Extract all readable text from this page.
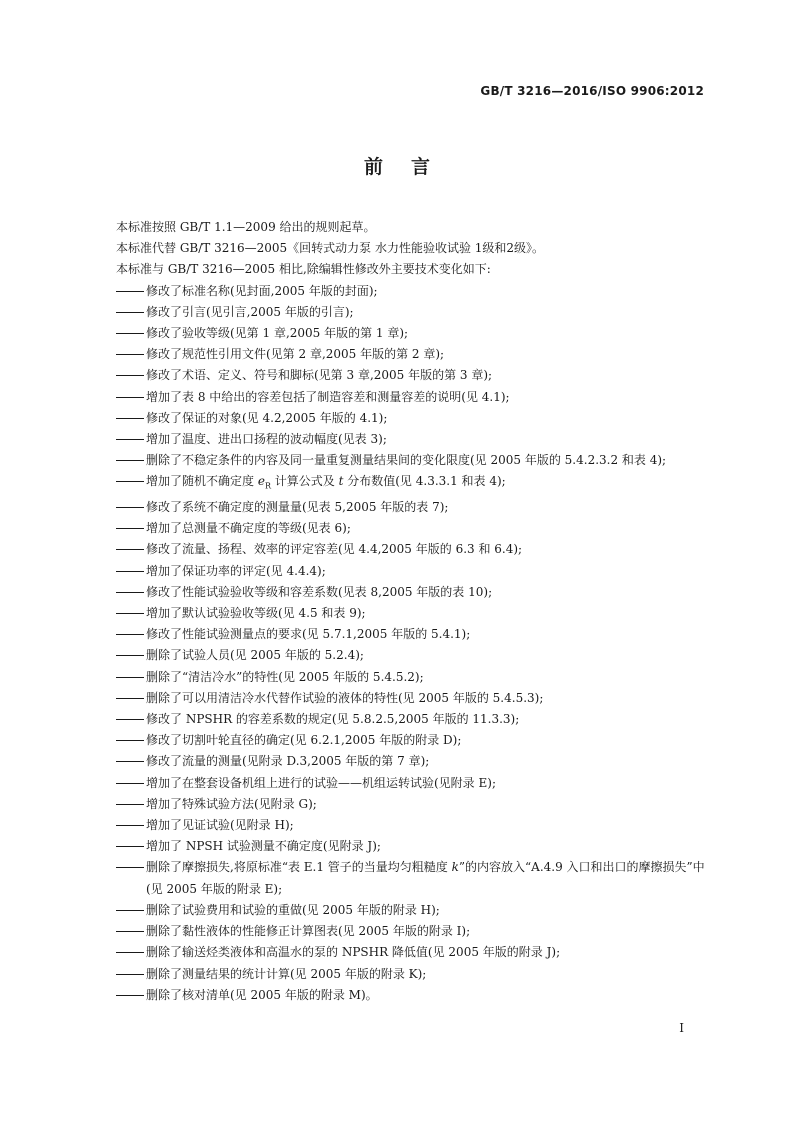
GB/T 3216—2016/ISO 9906:2012
前言
本标准按照 GB/T 1.1—2009 给出的规则起草。
本标准代替 GB/T 3216—2005《回转式动力泵 水力性能验收试验 1级和2级》。
本标准与 GB/T 3216—2005 相比,除编辑性修改外主要技术变化如下:
修改了标准名称(见封面,2005 年版的封面);
修改了引言(见引言,2005 年版的引言);
修改了验收等级(见第 1 章,2005 年版的第 1 章);
修改了规范性引用文件(见第 2 章,2005 年版的第 2 章);
修改了术语、定义、符号和脚标(见第 3 章,2005 年版的第 3 章);
增加了表 8 中给出的容差包括了制造容差和测量容差的说明(见 4.1);
修改了保证的对象(见 4.2,2005 年版的 4.1);
增加了温度、进出口扬程的波动幅度(见表 3);
删除了不稳定条件的内容及同一量重复测量结果间的变化限度(见 2005 年版的 5.4.2.3.2 和表 4);
增加了随机不确定度 $e_R$ 计算公式及 t 分布数值(见 4.3.3.1 和表 4);
修改了系统不确定度的测量量(见表 5,2005 年版的表 7);
增加了总测量不确定度的等级(见表 6);
修改了流量、扬程、效率的评定容差(见 4.4,2005 年版的 6.3 和 6.4);
增加了保证功率的评定(见 4.4.4);
修改了性能试验验收等级和容差系数(见表 8,2005 年版的表 10);
增加了默认试验验收等级(见 4.5 和表 9);
修改了性能试验测量点的要求(见 5.7.1,2005 年版的 5.4.1);
删除了试验人员(见 2005 年版的 5.2.4);
删除了“清洁冷水”的特性(见 2005 年版的 5.4.5.2);
删除了可以用清洁冷水代替作试验的液体的特性(见 2005 年版的 5.4.5.3);
修改了 NPSHR 的容差系数的规定(见 5.8.2.5,2005 年版的 11.3.3);
修改了切割叶轮直径的确定(见 6.2.1,2005 年版的附录 D);
修改了流量的测量(见附录 D.3,2005 年版的第 7 章);
增加了在整套设备机组上进行的试验——机组运转试验(见附录 E);
增加了特殊试验方法(见附录 G);
增加了见证试验(见附录 H);
增加了 NPSH 试验测量不确定度(见附录 J);
删除了摩擦损失,将原标准“表 E.1 管子的当量均匀粗糙度 k”的内容放入“A.4.9 入口和出口的摩擦损失”中(见 2005 年版的附录 E);
删除了试验费用和试验的重做(见 2005 年版的附录 H);
删除了黏性液体的性能修正计算图表(见 2005 年版的附录 I);
删除了输送烃类液体和高温水的泵的 NPSHR 降低值(见 2005 年版的附录 J);
删除了测量结果的统计计算(见 2005 年版的附录 K);
删除了核对清单(见 2005 年版的附录 M)。
I
